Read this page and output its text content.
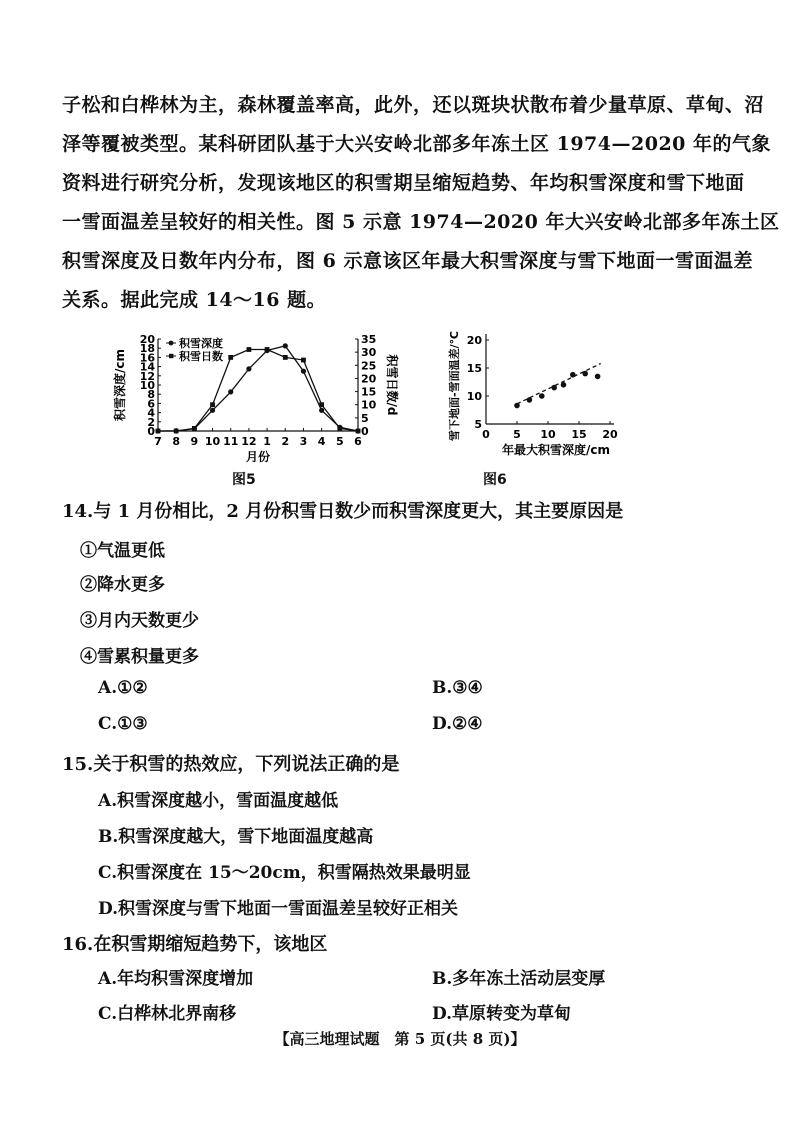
子松和白桦林为主，森林覆盖率高，此外，还以斑块状散布着少量草原、草甸、沼
泽等覆被类型。某科研团队基于大兴安岭北部多年冻土区 1974—2020 年的气象
资料进行研究分析，发现该地区的积雪期呈缩短趋势、年均积雪深度和雪下地面
一雪面温差呈较好的相关性。图 5 示意 1974—2020 年大兴安岭北部多年冻土区
积雪深度及日数年内分布，图 6 示意该区年最大积雪深度与雪下地面一雪面温差
关系。据此完成 14～16 题。
0
2
4
6
8
10
12
14
16
18
20
0
5
10
15
20
25
30
35
7 8 9 10 11 12 1 2 3 4 5 6
月份
积雪深度/cm	积雪日数/d
积雪深度
积雪日数
图5
0 5 10 15 20
5
10
15
20
年最大积雪深度/cm
雪下地面-雪面温差/℃
图6
14.与 1 月份相比，2 月份积雪日数少而积雪深度更大，其主要原因是
①气温更低
②降水更多
③月内天数更少
④雪累积量更多
A.①②	B.③④
C.①③	D.②④
15.关于积雪的热效应，下列说法正确的是
A.积雪深度越小，雪面温度越低
B.积雪深度越大，雪下地面温度越高
C.积雪深度在 15～20cm，积雪隔热效果最明显
D.积雪深度与雪下地面一雪面温差呈较好正相关
16.在积雪期缩短趋势下，该地区
A.年均积雪深度增加	B.多年冻土活动层变厚
C.白桦林北界南移	D.草原转变为草甸
【高三地理试题　第 5 页(共 8 页)】
